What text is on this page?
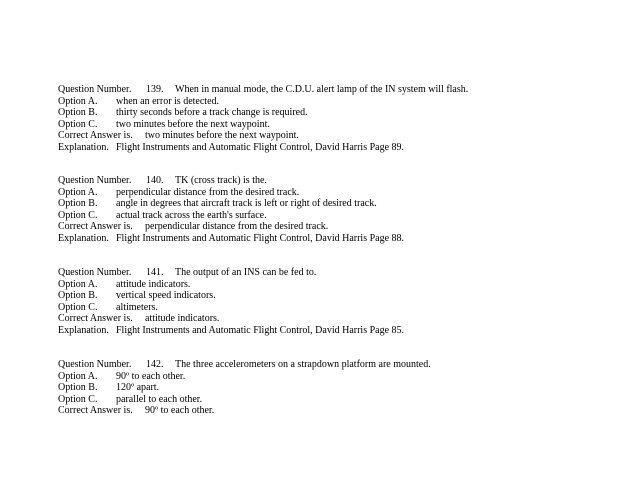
Question Number. 139. When in manual mode, the C.D.U. alert lamp of the IN system will flash.
Option A. when an error is detected.
Option B. thirty seconds before a track change is required.
Option C. two minutes before the next waypoint.
Correct Answer is. two minutes before the next waypoint.
Explanation. Flight Instruments and Automatic Flight Control, David Harris Page 89.
Question Number. 140. TK (cross track) is the.
Option A. perpendicular distance from the desired track.
Option B. angle in degrees that aircraft track is left or right of desired track.
Option C. actual track across the earth's surface.
Correct Answer is. perpendicular distance from the desired track.
Explanation. Flight Instruments and Automatic Flight Control, David Harris Page 88.
Question Number. 141. The output of an INS can be fed to.
Option A. attitude indicators.
Option B. vertical speed indicators.
Option C. altimeters.
Correct Answer is. attitude indicators.
Explanation. Flight Instruments and Automatic Flight Control, David Harris Page 85.
Question Number. 142. The three accelerometers on a strapdown platform are mounted.
Option A. 90º to each other.
Option B. 120º apart.
Option C. parallel to each other.
Correct Answer is. 90º to each other.
